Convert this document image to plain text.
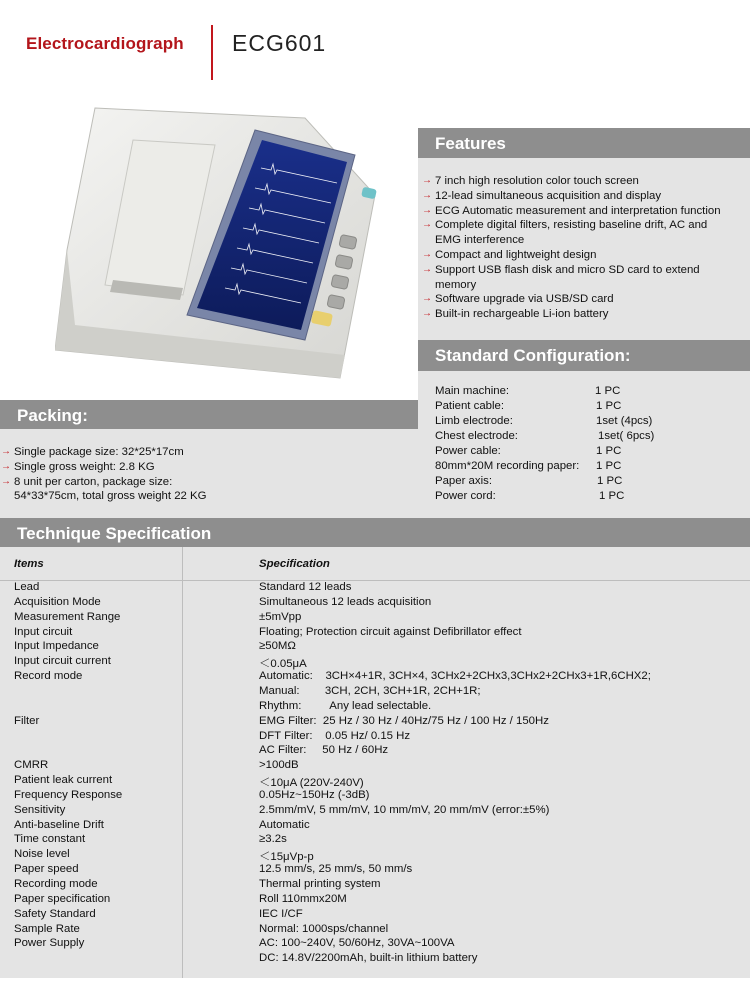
Electrocardiograph ECG601
Features
→
7 inch high resolution color touch screen
→
12-lead simultaneous acquisition and display
→
ECG Automatic measurement and interpretation function
→
Complete digital filters, resisting baseline drift, AC and
EMG interference
→
Compact and lightweight design
→
Support USB flash disk and micro SD card to extend
memory
→
Software upgrade via USB/SD card
→
Built-in rechargeable Li-ion battery
Standard Configuration:
Main machine:	1 PC
Patient cable:	1 PC
Limb electrode:	1set (4pcs)
Chest electrode:	1set( 6pcs)
Power cable:	1 PC
80mm*20M recording paper: 1 PC
Paper axis:	1 PC
Power cord:	1 PC
Packing:
→
Single package size: 32*25*17cm
→
Single gross weight: 2.8 KG
→
8 unit per carton, package size:
54*33*75cm, total gross weight 22 KG
Technique Specification
Items	Specification
Lead	Standard 12 leads
Acquisition Mode	Simultaneous 12 leads acquisition
Measurement Range	±5mVpp
Input circuit	Floating; Protection circuit against Defibrillator effect
Input Impedance	≥50MΩ
Input circuit current	＜0.05μA
Record mode	Automatic:    3CH×4+1R, 3CH×4, 3CHx2+2CHx3,3CHx2+2CHx3+1R,6CHX2;
Manual:        3CH, 2CH, 3CH+1R, 2CH+1R;
Rhythm:         Any lead selectable.
Filter	EMG Filter:  25 Hz / 30 Hz / 40Hz/75 Hz / 100 Hz / 150Hz
DFT Filter:    0.05 Hz/ 0.15 Hz
AC Filter:     50 Hz / 60Hz
CMRR	>100dB
Patient leak current	＜10μA (220V-240V)
Frequency Response	0.05Hz~150Hz (-3dB)
Sensitivity	2.5mm/mV, 5 mm/mV, 10 mm/mV, 20 mm/mV (error:±5%)
Anti-baseline Drift	Automatic
Time constant	≥3.2s
Noise level	＜15μVp-p
Paper speed	12.5 mm/s, 25 mm/s, 50 mm/s
Recording mode	Thermal printing system
Paper specification	Roll 110mmx20M
Safety Standard	IEC I/CF
Sample Rate	Normal: 1000sps/channel
Power Supply	AC: 100~240V, 50/60Hz, 30VA~100VA
DC: 14.8V/2200mAh, built-in lithium battery
